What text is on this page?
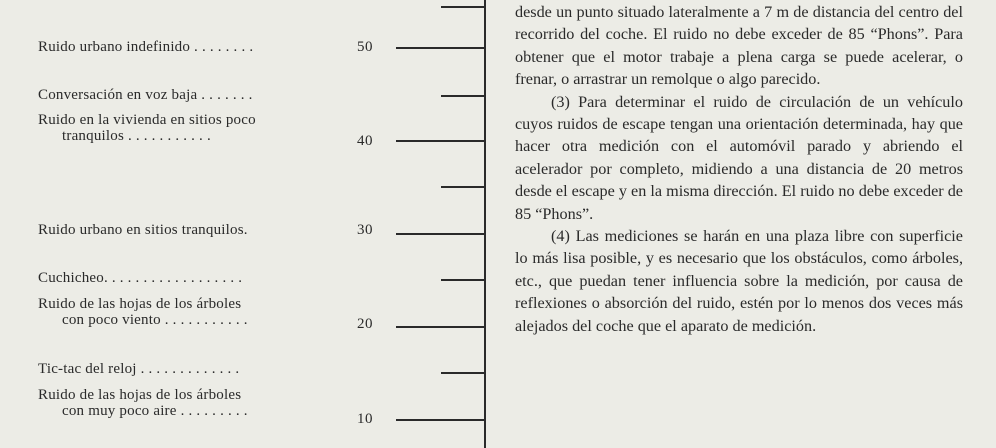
Ruido urbano indefinido . . . . . . . .	50
Conversación en voz baja . . . . . . .
Ruido en la vivienda en sitios poco
tranquilos . . . . . . . . . . .	40
Ruido urbano en sitios tranquilos.	30
Cuchicheo. . . . . . . . . . . . . . . . . .
Ruido de las hojas de los árboles
con poco viento . . . . . . . . . . .	20
Tic-tac del reloj . . . . . . . . . . . . .
Ruido de las hojas de los árboles
con muy poco aire . . . . . . . . .	10

desde un punto situado lateralmente a 7 m de distancia del centro del recorrido del coche. El ruido no debe exceder de 85 “Phons”. Para obtener que el motor trabaje a plena carga se puede acelerar, o frenar, o arrastrar un remolque o algo parecido.

(3) Para determinar el ruido de circulación de un vehículo cuyos ruidos de escape tengan una orientación determinada, hay que hacer otra medición con el automóvil parado y abriendo el acelerador por completo, midiendo a una distancia de 20 metros desde el escape y en la misma dirección. El ruido no debe exceder de 85 “Phons”.

(4) Las mediciones se harán en una plaza libre con superficie lo más lisa posible, y es necesario que los obstáculos, como árboles, etc., que puedan tener influencia sobre la medición, por causa de reflexiones o absorción del ruido, estén por lo menos dos veces más alejados del coche que el aparato de medición.
